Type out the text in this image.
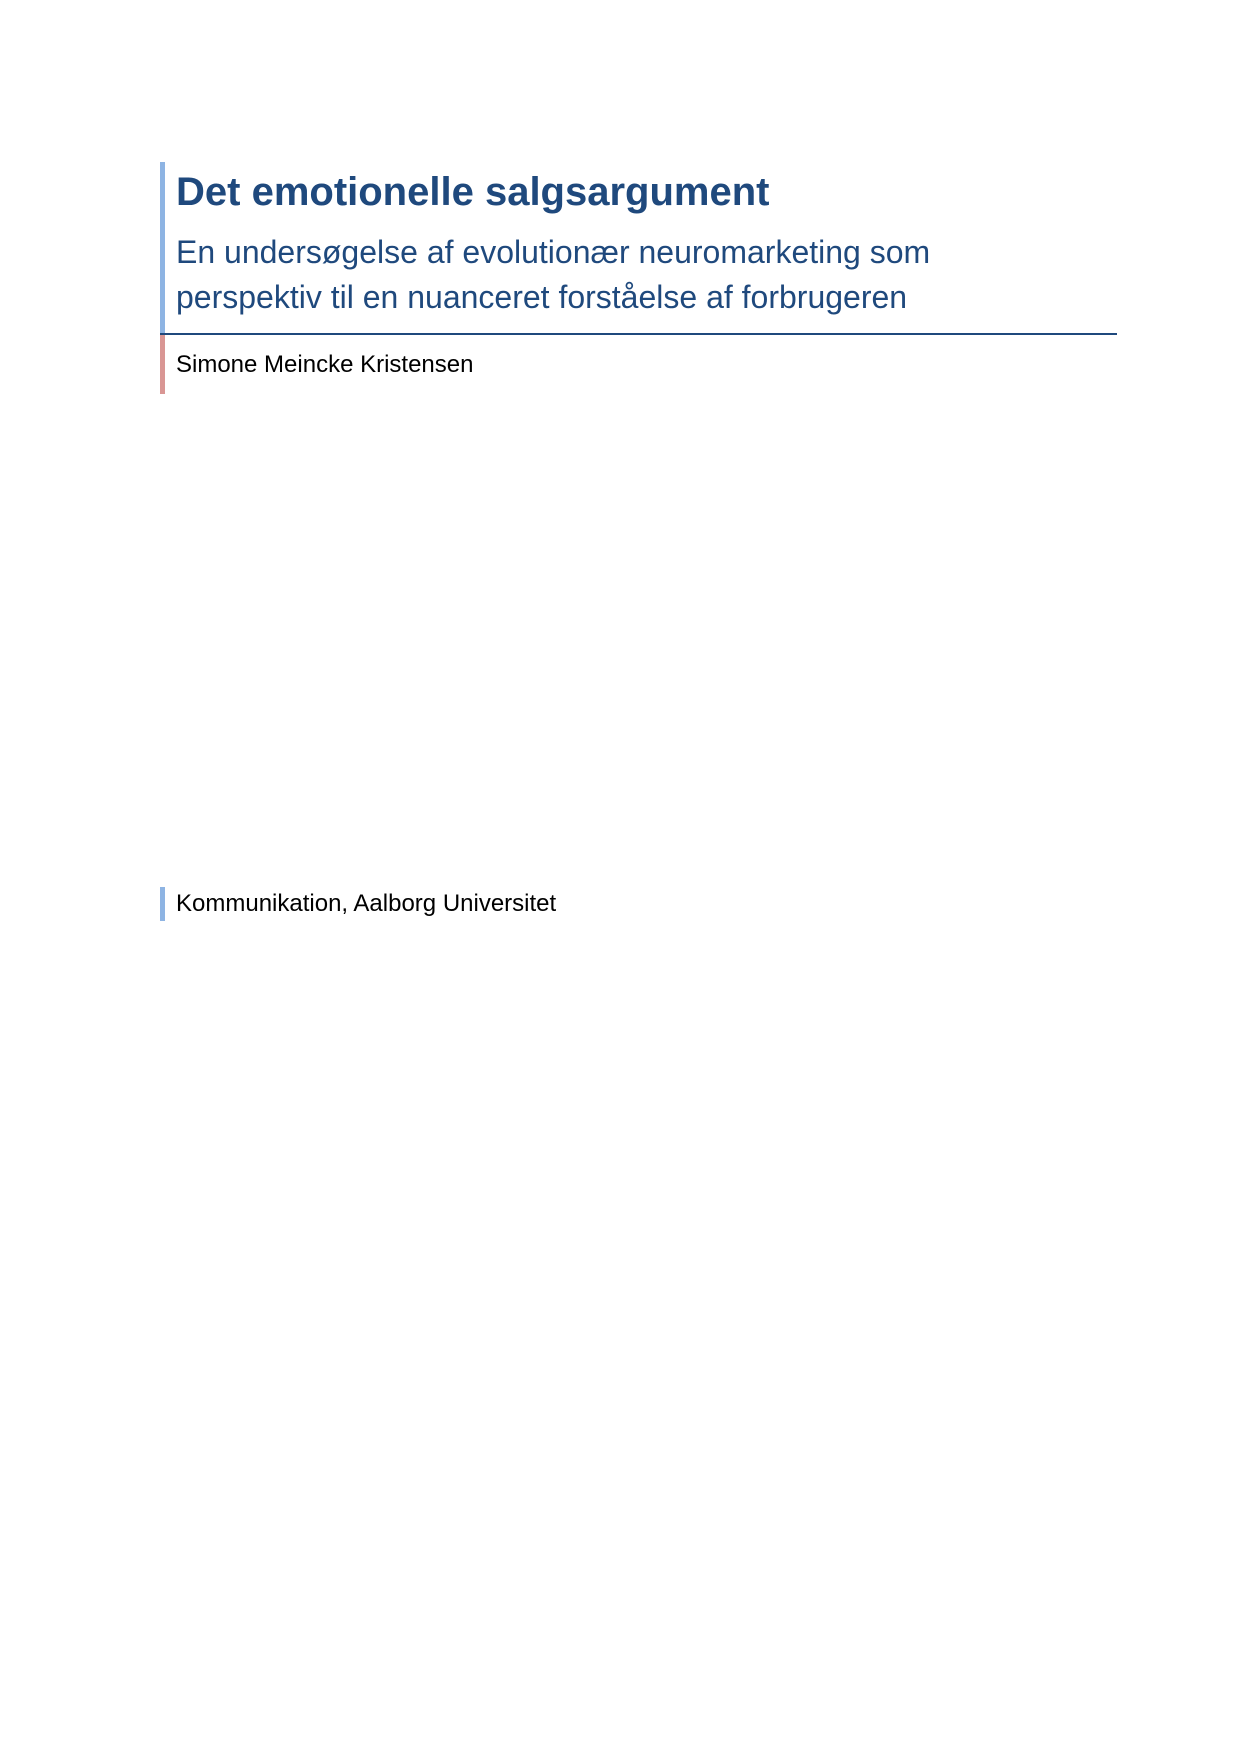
Det emotionelle salgsargument
En undersøgelse af evolutionær neuromarketing som
perspektiv til en nuanceret forståelse af forbrugeren
Simone Meincke Kristensen
Kommunikation, Aalborg Universitet
